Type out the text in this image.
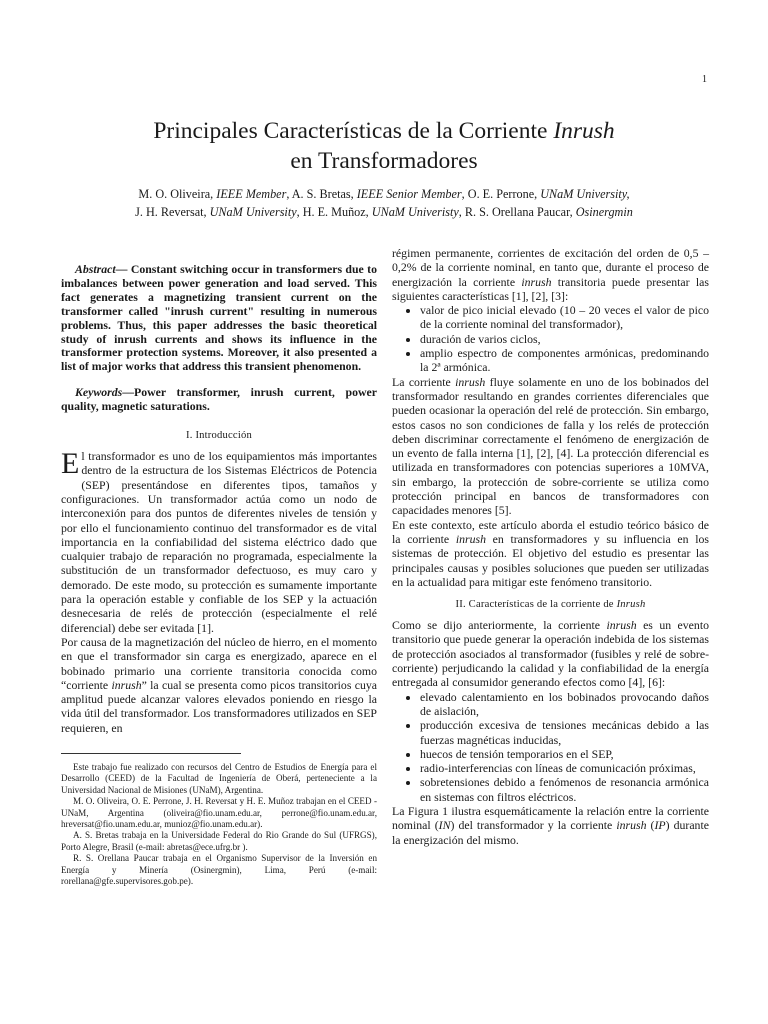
1
Principales Características de la Corriente Inrush
en Transformadores
M. O. Oliveira, IEEE Member, A. S. Bretas, IEEE Senior Member, O. E. Perrone, UNaM University,
J. H. Reversat, UNaM University, H. E. Muñoz, UNaM Univeristy, R. S. Orellana Paucar, Osinergmin

Abstract— Constant switching occur in transformers due to imbalances between power generation and load served. This fact generates a magnetizing transient current on the transformer called "inrush current" resulting in numerous problems. Thus, this paper addresses the basic theoretical study of inrush currents and shows its influence in the transformer protection systems. Moreover, it also presented a list of major works that address this transient phenomenon.

Keywords—Power transformer, inrush current, power quality, magnetic saturations.

I. Introducción

El transformador es uno de los equipamientos más importantes dentro de la estructura de los Sistemas Eléctricos de Potencia (SEP) presentándose en diferentes tipos, tamaños y configuraciones. Un transformador actúa como un nodo de interconexión para dos puntos de diferentes niveles de tensión y por ello el funcionamiento continuo del transformador es de vital importancia en la confiabilidad del sistema eléctrico dado que cualquier trabajo de reparación no programada, especialmente la substitución de un transformador defectuoso, es muy caro y demorado. De este modo, su protección es sumamente importante para la operación estable y confiable de los SEP y la actuación desnecesaria de relés de protección (especialmente el relé diferencial) debe ser evitada [1].

Por causa de la magnetización del núcleo de hierro, en el momento en que el transformador sin carga es energizado, aparece en el bobinado primario una corriente transitoria conocida como “corriente inrush” la cual se presenta como picos transitorios cuya amplitud puede alcanzar valores elevados poniendo en riesgo la vida útil del transformador. Los transformadores utilizados en SEP requieren, en

Este trabajo fue realizado con recursos del Centro de Estudios de Energía para el Desarrollo (CEED) de la Facultad de Ingeniería de Oberá, perteneciente a la Universidad Nacional de Misiones (UNaM), Argentina.

M. O. Oliveira, O. E. Perrone, J. H. Reversat y H. E. Muñoz trabajan en el CEED -UNaM, Argentina (oliveira@fio.unam.edu.ar, perrone@fio.unam.edu.ar, hreversat@fio.unam.edu.ar, munioz@fio.unam.edu.ar).

A. S. Bretas trabaja en la Universidade Federal do Rio Grande do Sul (UFRGS), Porto Alegre, Brasil (e-mail: abretas@ece.ufrg.br ).

R. S. Orellana Paucar trabaja en el Organismo Supervisor de la Inversión en Energía y Minería (Osinergmin), Lima, Perú (e-mail: rorellana@gfe.supervisores.gob.pe).

régimen permanente, corrientes de excitación del orden de 0,5 – 0,2% de la corriente nominal, en tanto que, durante el proceso de energización la corriente inrush transitoria puede presentar las siguientes características [1], [2], [3]:

• valor de pico inicial elevado (10 – 20 veces el valor de pico de la corriente nominal del transformador),
• duración de varios ciclos,
• amplio espectro de componentes armónicas, predominando la 2ª armónica.

La corriente inrush fluye solamente en uno de los bobinados del transformador resultando en grandes corrientes diferenciales que pueden ocasionar la operación del relé de protección. Sin embargo, estos casos no son condiciones de falla y los relés de protección deben discriminar correctamente el fenómeno de energización de un evento de falla interna [1], [2], [4]. La protección diferencial es utilizada en transformadores con potencias superiores a 10MVA, sin embargo, la protección de sobre-corriente se utiliza como protección principal en bancos de transformadores con capacidades menores [5].

En este contexto, este artículo aborda el estudio teórico básico de la corriente inrush en transformadores y su influencia en los sistemas de protección. El objetivo del estudio es presentar las principales causas y posibles soluciones que pueden ser utilizadas en la actualidad para mitigar este fenómeno transitorio.

II. Características de la corriente de Inrush

Como se dijo anteriormente, la corriente inrush es un evento transitorio que puede generar la operación indebida de los sistemas de protección asociados al transformador (fusibles y relé de sobre-corriente) perjudicando la calidad y la confiabilidad de la energía entregada al consumidor generando efectos como [4], [6]:

• elevado calentamiento en los bobinados provocando daños de aislación,
• producción excesiva de tensiones mecánicas debido a las fuerzas magnéticas inducidas,
• huecos de tensión temporarios en el SEP,
• radio-interferencias con líneas de comunicación próximas,
• sobretensiones debido a fenómenos de resonancia armónica en sistemas con filtros eléctricos.

La Figura 1 ilustra esquemáticamente la relación entre la corriente nominal (IN) del transformador y la corriente inrush (IP) durante la energización del mismo.
